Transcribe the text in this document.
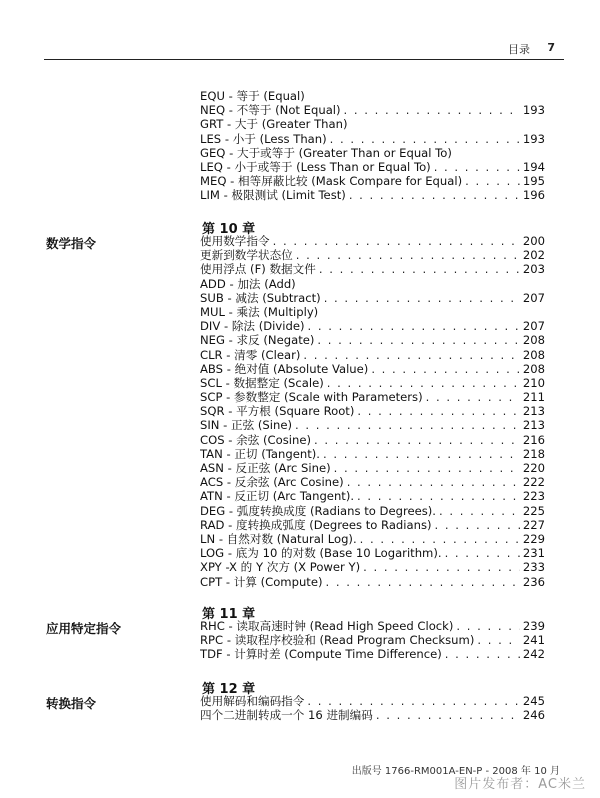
目录 7
EQU - 等于 (Equal)
NEQ - 不等于 (Not Equal) . . .	193
GRT - 大于 (Greater Than)
LES - 小于 (Less Than) . . .	193
GEQ - 大于或等于 (Greater Than or Equal To)
LEQ - 小于或等于 (Less Than or Equal To) . . .	194
MEQ - 相等屏蔽比较 (Mask Compare for Equal) . . .	195
LIM - 极限测试 (Limit Test) . . .	196
第 10 章
数学指令	使用数学指令 . . .	200
更新到数学状态位 . . .	202
使用浮点 (F) 数据文件 . . .	203
ADD - 加法 (Add)
SUB - 减法 (Subtract) . . .	207
MUL - 乘法 (Multiply)
DIV - 除法 (Divide) . . .	207
NEG - 求反 (Negate) . . .	208
CLR - 清零 (Clear) . . .	208
ABS - 绝对值 (Absolute Value) . . .	208
SCL - 数据整定 (Scale) . . .	210
SCP - 参数整定 (Scale with Parameters) . . .	211
SQR - 平方根 (Square Root) . . .	213
SIN - 正弦 (Sine) . . .	213
COS - 余弦 (Cosine) . . .	216
TAN - 正切 (Tangent). . . .	218
ASN - 反正弦 (Arc Sine) . . .	220
ACS - 反余弦 (Arc Cosine) . . .	222
ATN - 反正切 (Arc Tangent). . . .	223
DEG - 弧度转换成度 (Radians to Degrees). . . .	225
RAD - 度转换成弧度 (Degrees to Radians) . . .	227
LN - 自然对数 (Natural Log). . . .	229
LOG - 底为 10 的对数 (Base 10 Logarithm). . . .	231
XPY -X 的 Y 次方 (X Power Y) . . .	233
CPT - 计算 (Compute) . . .	236
第 11 章
应用特定指令	RHC - 读取高速时钟 (Read High Speed Clock) . . .	239
RPC - 读取程序校验和 (Read Program Checksum) . . .	241
TDF - 计算时差 (Compute Time Difference) . . .	242
第 12 章
转换指令	使用解码和编码指令 . . .	245
四个二进制转成一个 16 进制编码 . . .	246
出版号 1766-RM001A-EN-P - 2008 年 10 月
图片发布者：AC米兰
